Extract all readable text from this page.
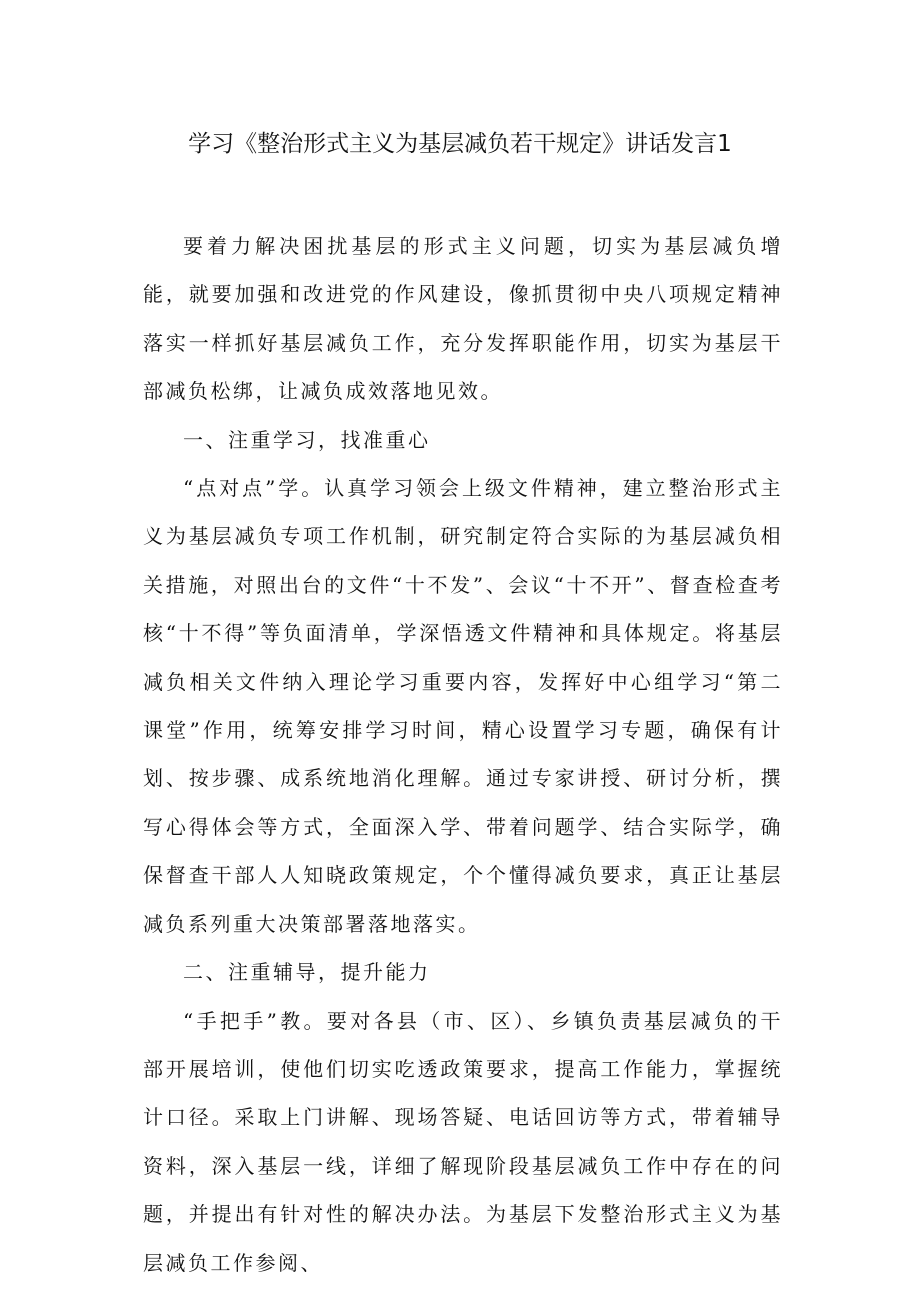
学习《整治形式主义为基层减负若干规定》讲话发言1

要着力解决困扰基层的形式主义问题，切实为基层减负增能，就要加强和改进党的作风建设，像抓贯彻中央八项规定精神落实一样抓好基层减负工作，充分发挥职能作用，切实为基层干部减负松绑，让减负成效落地见效。

一、注重学习，找准重心

“点对点”学。认真学习领会上级文件精神，建立整治形式主义为基层减负专项工作机制，研究制定符合实际的为基层减负相关措施，对照出台的文件“十不发”、会议“十不开”、督查检查考核“十不得”等负面清单，学深悟透文件精神和具体规定。将基层减负相关文件纳入理论学习重要内容，发挥好中心组学习“第二课堂”作用，统筹安排学习时间，精心设置学习专题，确保有计划、按步骤、成系统地消化理解。通过专家讲授、研讨分析，撰写心得体会等方式，全面深入学、带着问题学、结合实际学，确保督查干部人人知晓政策规定，个个懂得减负要求，真正让基层减负系列重大决策部署落地落实。

二、注重辅导，提升能力

“手把手”教。要对各县（市、区）、乡镇负责基层减负的干部开展培训，使他们切实吃透政策要求，提高工作能力，掌握统计口径。采取上门讲解、现场答疑、电话回访等方式，带着辅导资料，深入基层一线，详细了解现阶段基层减负工作中存在的问题，并提出有针对性的解决办法。为基层下发整治形式主义为基层减负工作参阅、
